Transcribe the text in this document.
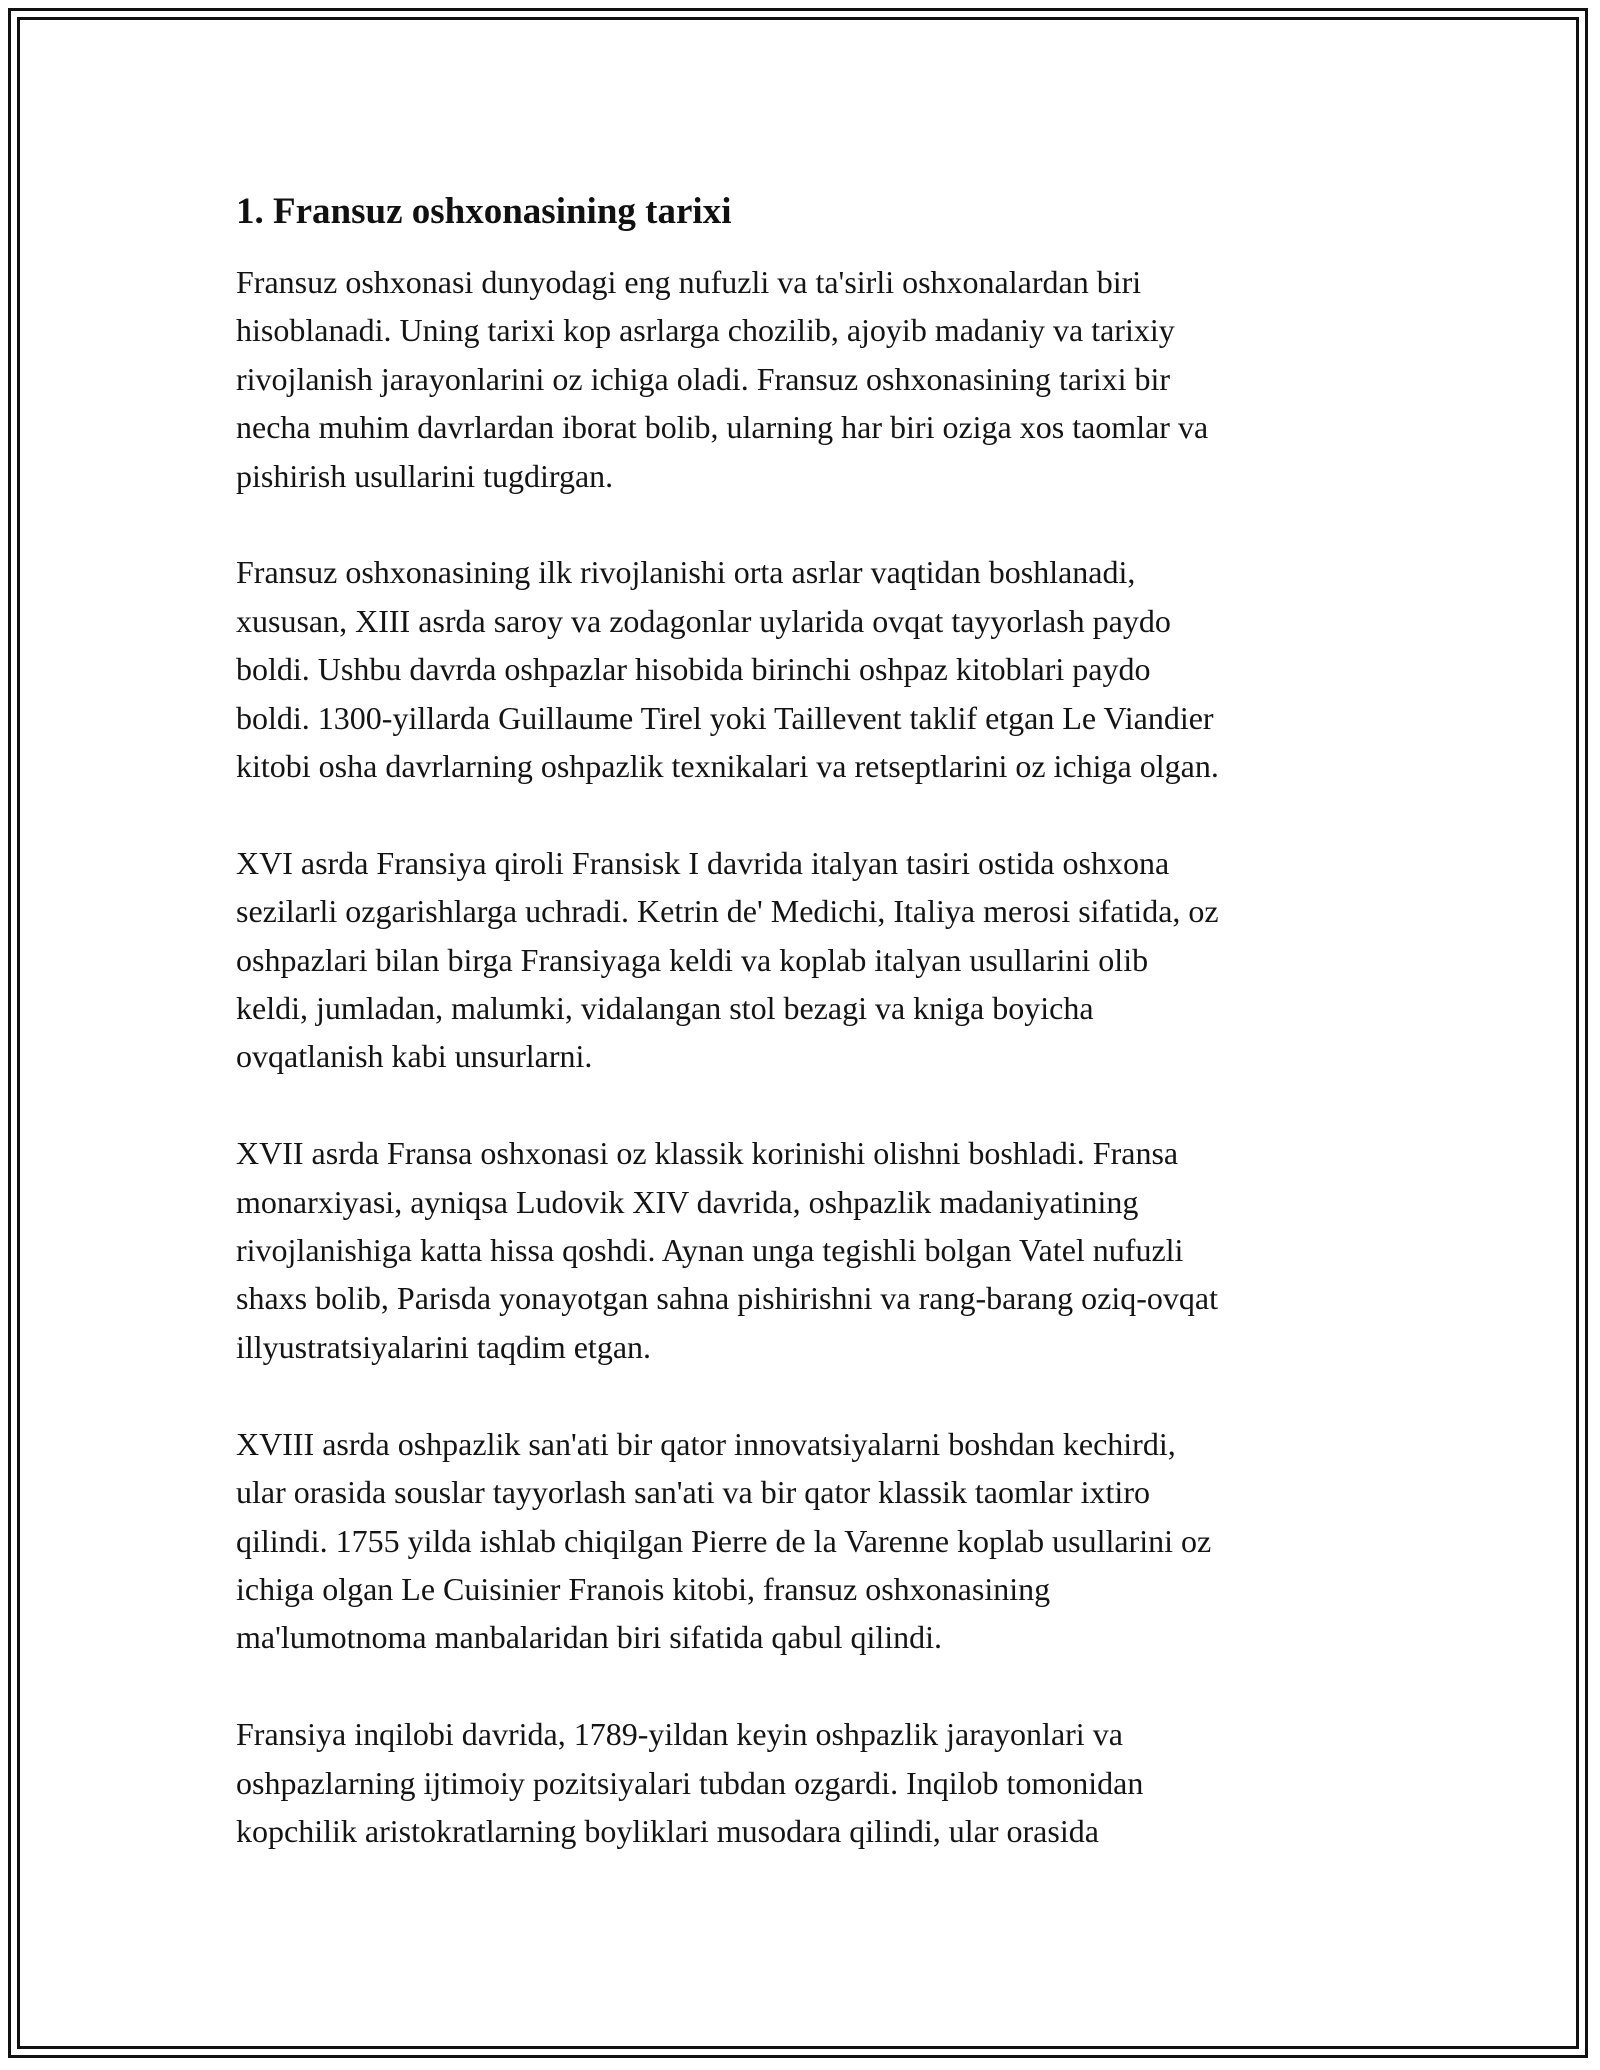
1. Fransuz oshxonasining tarixi

Fransuz oshxonasi dunyodagi eng nufuzli va ta'sirli oshxonalardan biri
hisoblanadi. Uning tarixi kop asrlarga chozilib, ajoyib madaniy va tarixiy
rivojlanish jarayonlarini oz ichiga oladi. Fransuz oshxonasining tarixi bir
necha muhim davrlardan iborat bolib, ularning har biri oziga xos taomlar va
pishirish usullarini tugdirgan.

Fransuz oshxonasining ilk rivojlanishi orta asrlar vaqtidan boshlanadi,
xususan, XIII asrda saroy va zodagonlar uylarida ovqat tayyorlash paydo
boldi. Ushbu davrda oshpazlar hisobida birinchi oshpaz kitoblari paydo
boldi. 1300-yillarda Guillaume Tirel yoki Taillevent taklif etgan Le Viandier
kitobi osha davrlarning oshpazlik texnikalari va retseptlarini oz ichiga olgan.

XVI asrda Fransiya qiroli Fransisk I davrida italyan tasiri ostida oshxona
sezilarli ozgarishlarga uchradi. Ketrin de' Medichi, Italiya merosi sifatida, oz
oshpazlari bilan birga Fransiyaga keldi va koplab italyan usullarini olib
keldi, jumladan, malumki, vidalangan stol bezagi va kniga boyicha
ovqatlanish kabi unsurlarni.

XVII asrda Fransa oshxonasi oz klassik korinishi olishni boshladi. Fransa
monarxiyasi, ayniqsa Ludovik XIV davrida, oshpazlik madaniyatining
rivojlanishiga katta hissa qoshdi. Aynan unga tegishli bolgan Vatel nufuzli
shaxs bolib, Parisda yonayotgan sahna pishirishni va rang-barang oziq-ovqat
illyustratsiyalarini taqdim etgan.

XVIII asrda oshpazlik san'ati bir qator innovatsiyalarni boshdan kechirdi,
ular orasida souslar tayyorlash san'ati va bir qator klassik taomlar ixtiro
qilindi. 1755 yilda ishlab chiqilgan Pierre de la Varenne koplab usullarini oz
ichiga olgan Le Cuisinier Franois kitobi, fransuz oshxonasining
ma'lumotnoma manbalaridan biri sifatida qabul qilindi.

Fransiya inqilobi davrida, 1789-yildan keyin oshpazlik jarayonlari va
oshpazlarning ijtimoiy pozitsiyalari tubdan ozgardi. Inqilob tomonidan
kopchilik aristokratlarning boyliklari musodara qilindi, ular orasida
